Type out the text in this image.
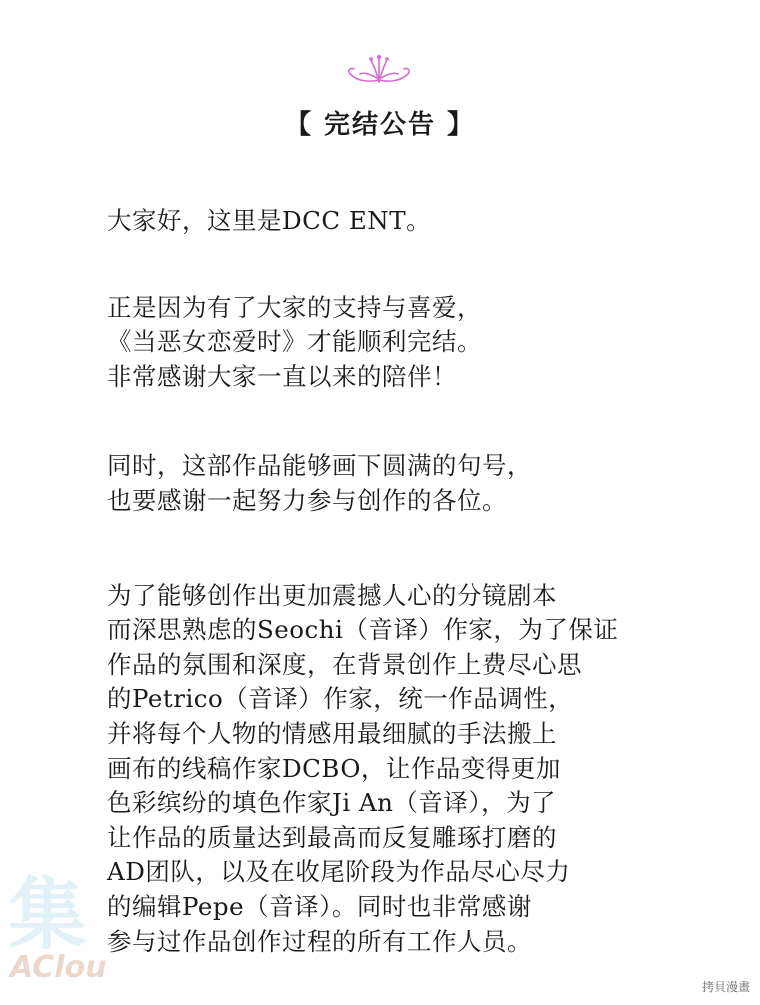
【 完结公告 】
大家好，这里是DCC ENT。
正是因为有了大家的支持与喜爱，
《当恶女恋爱时》才能顺利完结。
非常感谢大家一直以来的陪伴！
同时，这部作品能够画下圆满的句号，
也要感谢一起努力参与创作的各位。
为了能够创作出更加震撼人心的分镜剧本
而深思熟虑的Seochi（音译）作家，为了保证
作品的氛围和深度，在背景创作上费尽心思
的Petrico（音译）作家，统一作品调性，
并将每个人物的情感用最细腻的手法搬上
画布的线稿作家DCBO，让作品变得更加
色彩缤纷的填色作家Ji An（音译），为了
让作品的质量达到最高而反复雕琢打磨的
AD团队，以及在收尾阶段为作品尽心尽力
的编辑Pepe（音译）。同时也非常感谢
参与过作品创作过程的所有工作人员。
集
AClou
拷貝漫畫
